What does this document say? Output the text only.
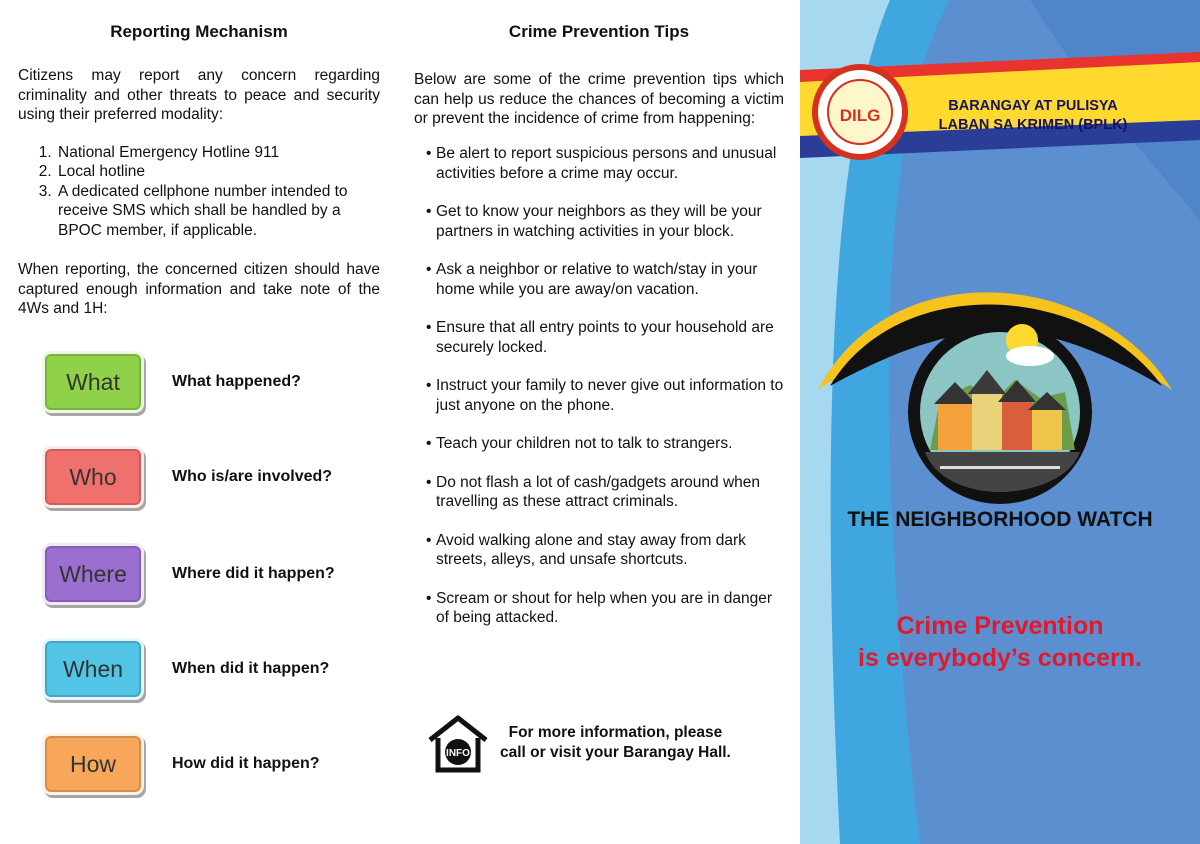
Reporting Mechanism

Citizens may report any concern regarding criminality and other threats to peace and security using their preferred modality:

1. National Emergency Hotline 911
2. Local hotline
3. A dedicated cellphone number intended to receive SMS which shall be handled by a BPOC member, if applicable.

When reporting, the concerned citizen should have captured enough information and take note of the 4Ws and 1H:

What	What happened?
Who	Who is/are involved?
Where	Where did it happen?
When	When did it happen?
How	How did it happen?
Crime Prevention Tips

Below are some of the crime prevention tips which can help us reduce the chances of becoming a victim or prevent the incidence of crime from happening:

• Be alert to report suspicious persons and unusual activities before a crime may occur.
• Get to know your neighbors as they will be your partners in watching activities in your block.
• Ask a neighbor or relative to watch/stay in your home while you are away/on vacation.
• Ensure that all entry points to your household are securely locked.
• Instruct your family to never give out information to just anyone on the phone.
• Teach your children not to talk to strangers.
• Do not flash a lot of cash/gadgets around when travelling as these attract criminals.
• Avoid walking alone and stay away from dark streets, alleys, and unsafe shortcuts.
• Scream or shout for help when you are in danger of being attacked.
INFO
For more information, please
call or visit your Barangay Hall.
DILG	BARANGAY AT PULISYA
LABAN SA KRIMEN (BPLK)
THE NEIGHBORHOOD WATCH
Crime Prevention
is everybody’s concern.
